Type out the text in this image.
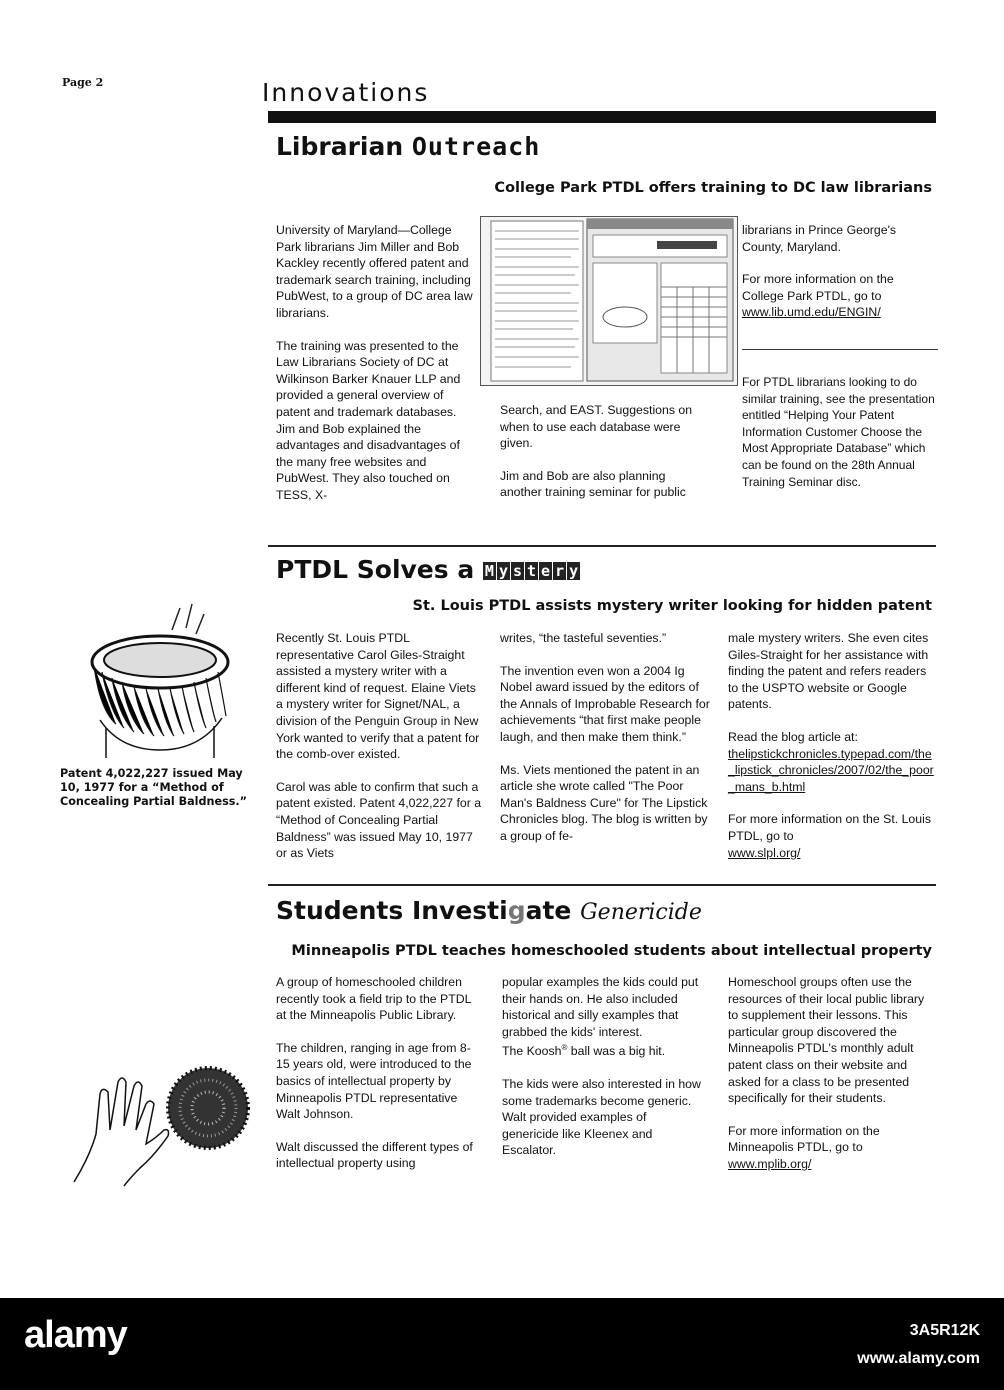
Page 2	Innovations
Librarian Outreach
College Park PTDL offers training to DC law librarians

University of Maryland—College Park librarians Jim Miller and Bob Kackley recently offered patent and trademark search training, including PubWest, to a group of DC area law librarians.

The training was presented to the Law Librarians Society of DC at Wilkinson Barker Knauer LLP and provided a general overview of patent and trademark databases. Jim and Bob explained the advantages and disadvantages of the many free websites and PubWest. They also touched on TESS, X-

Search, and EAST. Suggestions on when to use each database were given.

Jim and Bob are also planning another training seminar for public

librarians in Prince George's County, Maryland.

For more information on the College Park PTDL, go to

www.lib.umd.edu/ENGIN/

For PTDL librarians looking to do similar training, see the presentation entitled “Helping Your Patent Information Customer Choose the Most Appropriate Database” which can be found on the 28th Annual Training Seminar disc.

PTDL Solves a M y s t e r y
St. Louis PTDL assists mystery writer looking for hidden patent
Patent 4,022,227 issued May 10, 1977 for a “Method of Concealing Partial Baldness.”

Recently St. Louis PTDL representative Carol Giles-Straight assisted a mystery writer with a different kind of request. Elaine Viets a mystery writer for Signet/NAL, a division of the Penguin Group in New York wanted to verify that a patent for the comb-over existed.

Carol was able to confirm that such a patent existed. Patent 4,022,227 for a “Method of Concealing Partial Baldness” was issued May 10, 1977 or as Viets

writes, “the tasteful seventies.”

The invention even won a 2004 Ig Nobel award issued by the editors of the Annals of Improbable Research for achievements “that first make people laugh, and then make them think.”

Ms. Viets mentioned the patent in an article she wrote called "The Poor Man's Baldness Cure" for The Lipstick Chronicles blog. The blog is written by a group of fe-

male mystery writers. She even cites Giles-Straight for her assistance with finding the patent and refers readers to the USPTO website or Google patents.

Read the blog article at:

thelipstickchronicles.typepad.com/the_lipstick_chronicles/2007/02/the_poor_mans_b.html

For more information on the St. Louis PTDL, go to

www.slpl.org/

Students Investigate Genericide
Minneapolis PTDL teaches homeschooled students about intellectual property

A group of homeschooled children recently took a field trip to the PTDL at the Minneapolis Public Library.

The children, ranging in age from 8-15 years old, were introduced to the basics of intellectual property by Minneapolis PTDL representative Walt Johnson.

Walt discussed the different types of intellectual property using

popular examples the kids could put their hands on. He also included historical and silly examples that grabbed the kids' interest.

The Koosh® ball was a big hit.

The kids were also interested in how some trademarks become generic. Walt provided examples of genericide like Kleenex and Escalator.

Homeschool groups often use the resources of their local public library to supplement their lessons. This particular group discovered the Minneapolis PTDL's monthly adult patent class on their website and asked for a class to be presented specifically for their students.

For more information on the Minneapolis PTDL, go to

www.mplib.org/

alamy	3A5R12K
www.alamy.com
